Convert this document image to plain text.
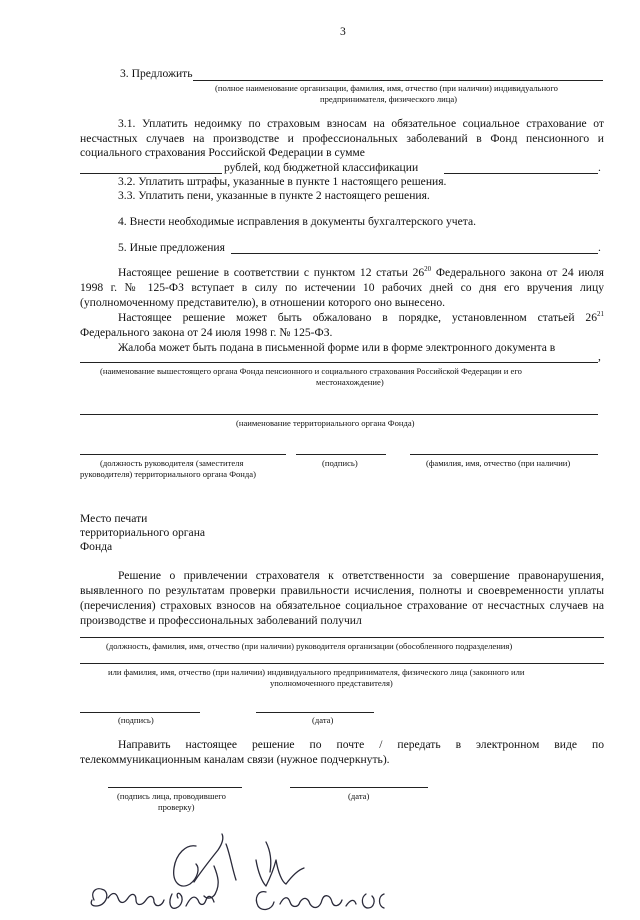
3
3. Предложить
(полное наименование организации, фамилия, имя, отчество (при наличии) индивидуального
предпринимателя, физического лица)
3.1. Уплатить недоимку по страховым взносам на обязательное социальное страхование от
несчастных случаев на производстве и профессиональных заболеваний в Фонд пенсионного и
социального страхования Российской Федерации в сумме
рублей, код бюджетной классификации	.
3.2. Уплатить штрафы, указанные в пункте 1 настоящего решения.
3.3. Уплатить пени, указанные в пункте 2 настоящего решения.
4. Внести необходимые исправления в документы бухгалтерского учета.
5. Иные предложения	.
Настоящее решение в соответствии с пунктом 12 статьи $26^{20}$ Федерального закона от 24 июля
1998 г. № 125-ФЗ вступает в силу по истечении 10 рабочих дней со дня его вручения лицу
(уполномоченному представителю), в отношении которого оно вынесено.
Настоящее решение может быть обжаловано в порядке, установленном статьей $26^{21}$
Федерального закона от 24 июля 1998 г. № 125-ФЗ.
Жалоба может быть подана в письменной форме или в форме электронного документа в
,
(наименование вышестоящего органа Фонда пенсионного и социального страхования Российской Федерации и его
местонахождение)
(наименование территориального органа Фонда)
(должность руководителя (заместителя
руководителя) территориального органа Фонда)
(подпись)	(фамилия, имя, отчество (при наличии)
Место печати
территориального органа
Фонда
Решение о привлечении страхователя к ответственности за совершение правонарушения,
выявленного по результатам проверки правильности исчисления, полноты и своевременности уплаты
(перечисления) страховых взносов на обязательное социальное страхование от несчастных случаев на
производстве и профессиональных заболеваний получил
(должность, фамилия, имя, отчество (при наличии) руководителя организации (обособленного подразделения)
или фамилия, имя, отчество (при наличии) индивидуального предпринимателя, физического лица (законного или
уполномоченного представителя)
(подпись)	(дата)
Направить настоящее решение по почте / передать в электронном виде по
телекоммуникационным каналам связи (нужное подчеркнуть).
(подпись лица, проводившего
проверку)
(дата)
